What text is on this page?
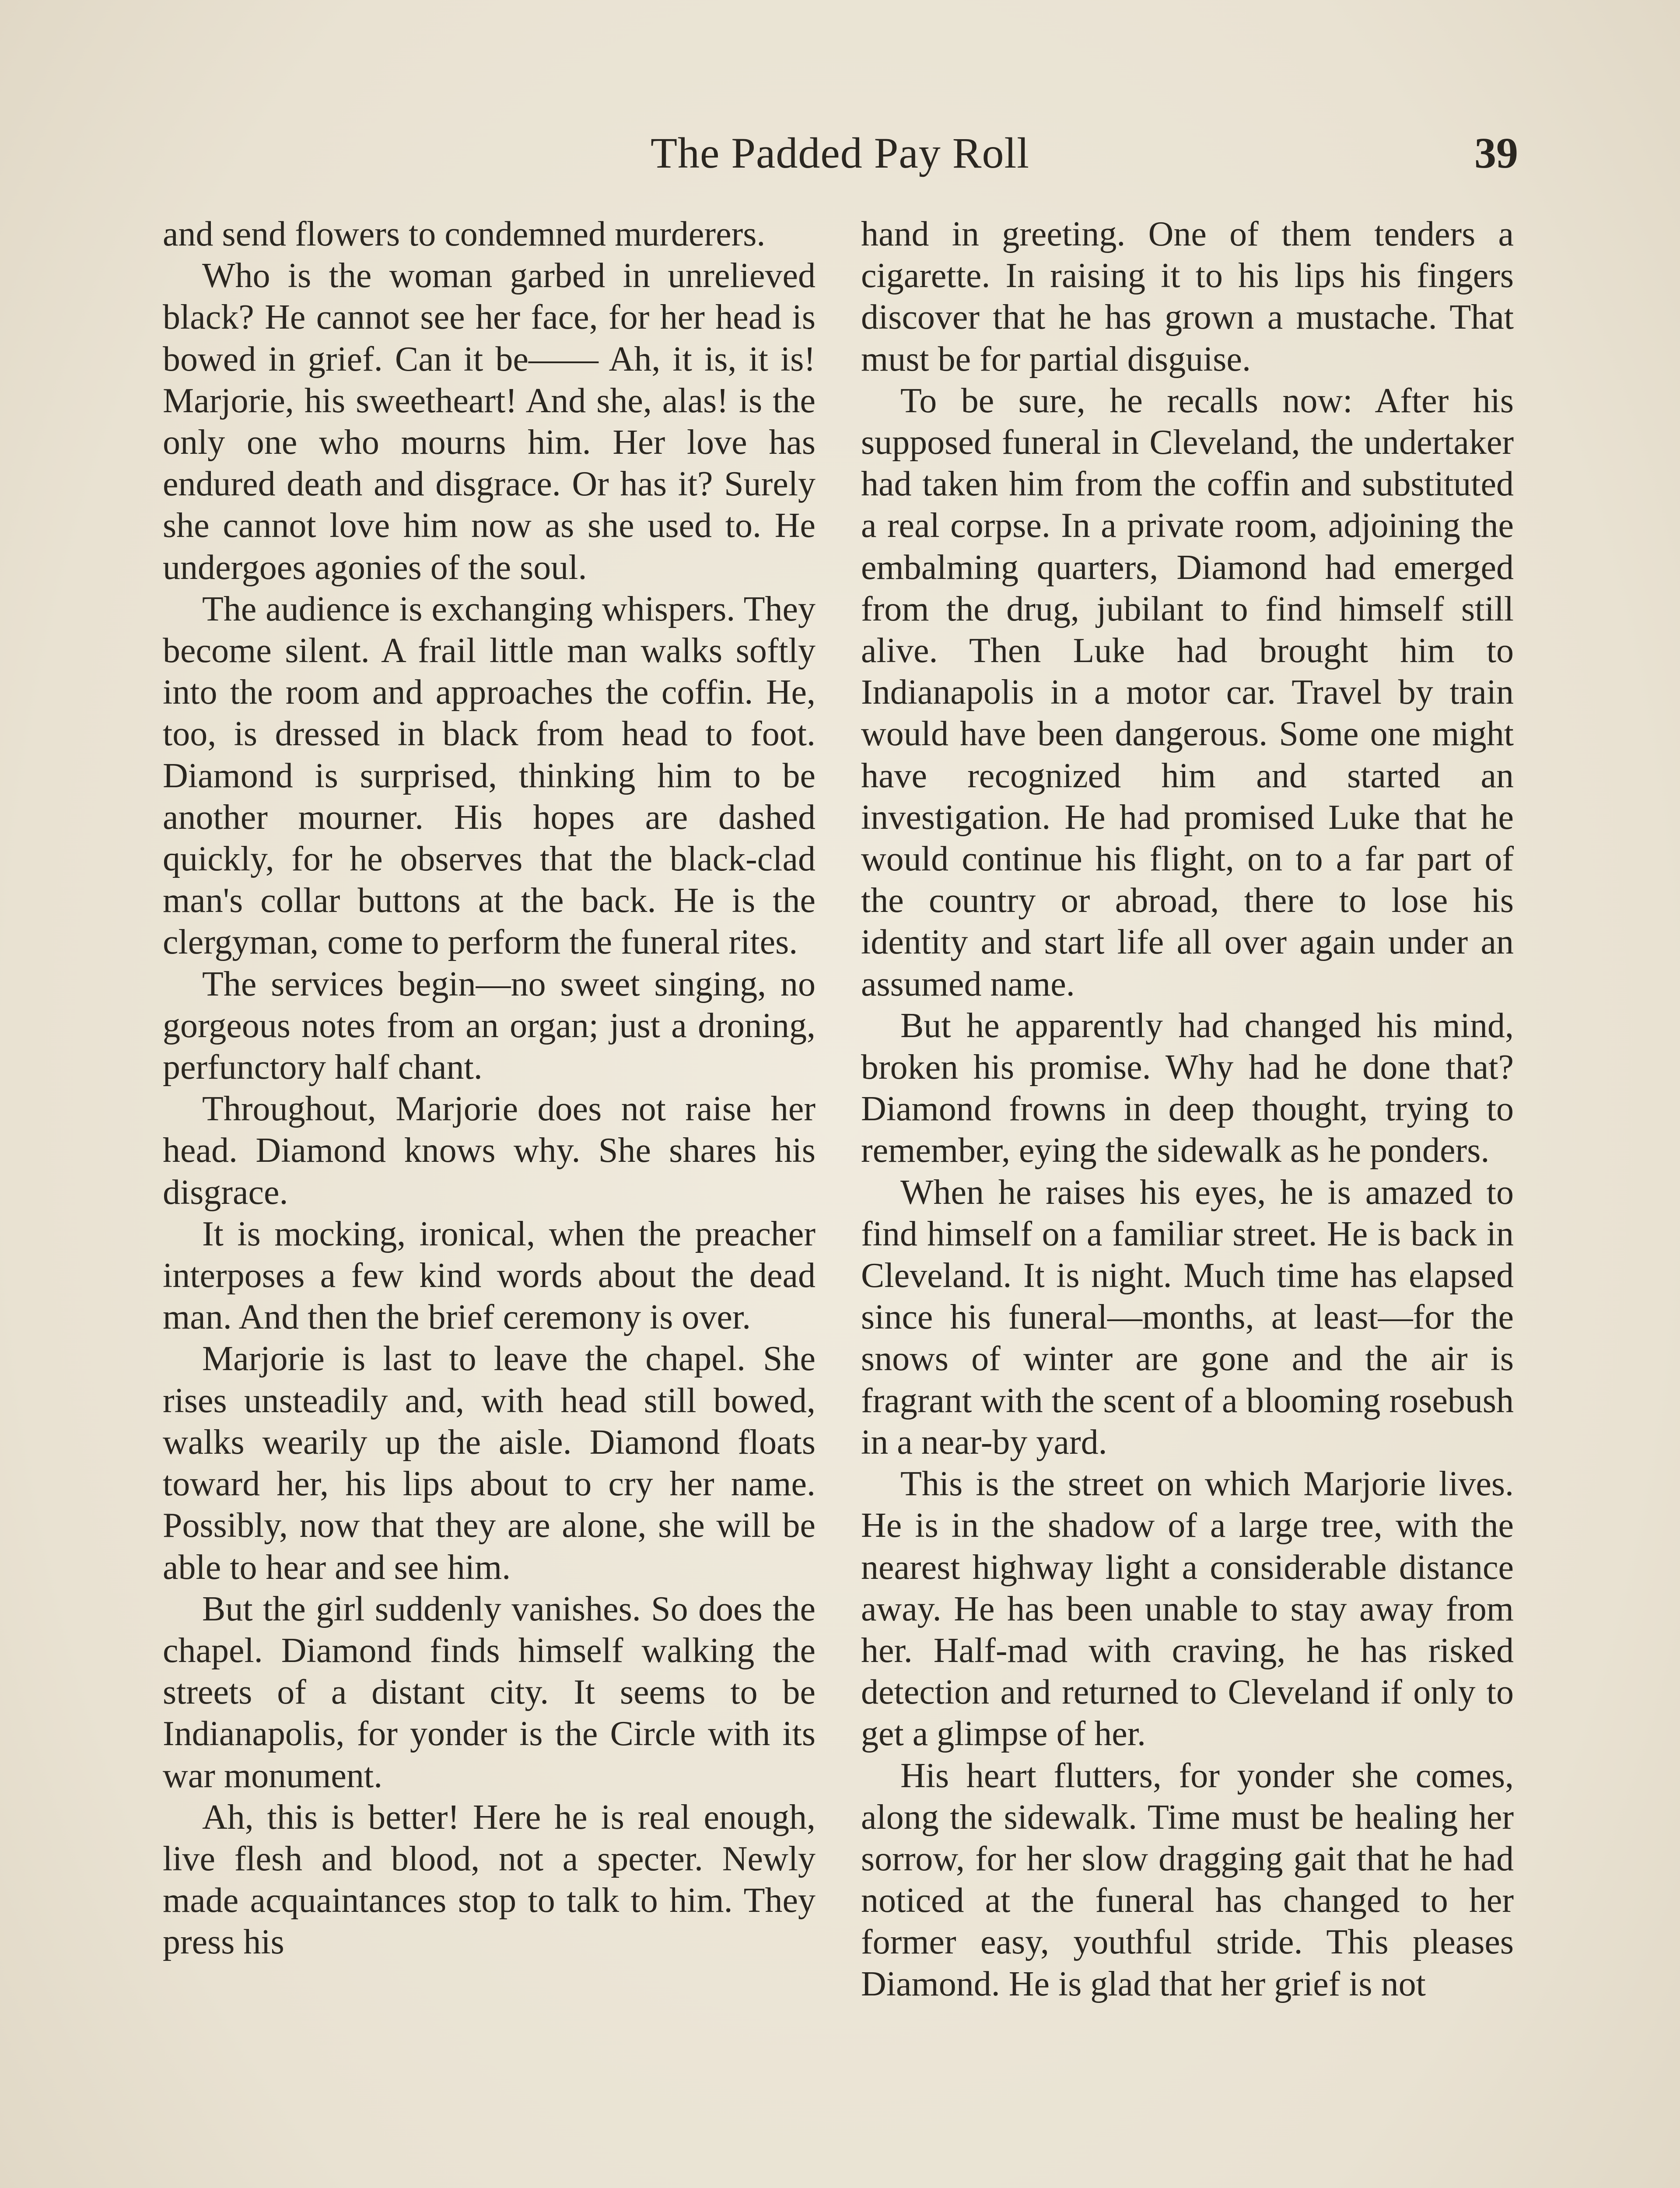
The Padded Pay Roll	39

and send flowers to condemned murderers.

Who is the woman garbed in unrelieved black? He cannot see her face, for her head is bowed in grief. Can it be—— Ah, it is, it is! Marjorie, his sweetheart! And she, alas! is the only one who mourns him. Her love has endured death and disgrace. Or has it? Surely she cannot love him now as she used to. He undergoes agonies of the soul.

The audience is exchanging whispers. They become silent. A frail little man walks softly into the room and approaches the coffin. He, too, is dressed in black from head to foot. Diamond is surprised, thinking him to be another mourner. His hopes are dashed quickly, for he observes that the black-clad man's collar buttons at the back. He is the clergyman, come to perform the funeral rites.

The services begin—no sweet singing, no gorgeous notes from an organ; just a droning, perfunctory half chant.

Throughout, Marjorie does not raise her head. Diamond knows why. She shares his disgrace.

It is mocking, ironical, when the preacher interposes a few kind words about the dead man. And then the brief ceremony is over.

Marjorie is last to leave the chapel. She rises unsteadily and, with head still bowed, walks wearily up the aisle. Diamond floats toward her, his lips about to cry her name. Possibly, now that they are alone, she will be able to hear and see him.

But the girl suddenly vanishes. So does the chapel. Diamond finds himself walking the streets of a distant city. It seems to be Indianapolis, for yonder is the Circle with its war monument.

Ah, this is better! Here he is real enough, live flesh and blood, not a specter. Newly made acquaintances stop to talk to him. They press his

hand in greeting. One of them tenders a cigarette. In raising it to his lips his fingers discover that he has grown a mustache. That must be for partial disguise.

To be sure, he recalls now: After his supposed funeral in Cleveland, the undertaker had taken him from the coffin and substituted a real corpse. In a private room, adjoining the embalming quarters, Diamond had emerged from the drug, jubilant to find himself still alive. Then Luke had brought him to Indianapolis in a motor car. Travel by train would have been dangerous. Some one might have recognized him and started an investigation. He had promised Luke that he would continue his flight, on to a far part of the country or abroad, there to lose his identity and start life all over again under an assumed name.

But he apparently had changed his mind, broken his promise. Why had he done that? Diamond frowns in deep thought, trying to remember, eying the sidewalk as he ponders.

When he raises his eyes, he is amazed to find himself on a familiar street. He is back in Cleveland. It is night. Much time has elapsed since his funeral—months, at least—for the snows of winter are gone and the air is fragrant with the scent of a blooming rosebush in a near-by yard.

This is the street on which Marjorie lives. He is in the shadow of a large tree, with the nearest highway light a considerable distance away. He has been unable to stay away from her. Half-mad with craving, he has risked detection and returned to Cleveland if only to get a glimpse of her.

His heart flutters, for yonder she comes, along the sidewalk. Time must be healing her sorrow, for her slow dragging gait that he had noticed at the funeral has changed to her former easy, youthful stride. This pleases Diamond. He is glad that her grief is not
